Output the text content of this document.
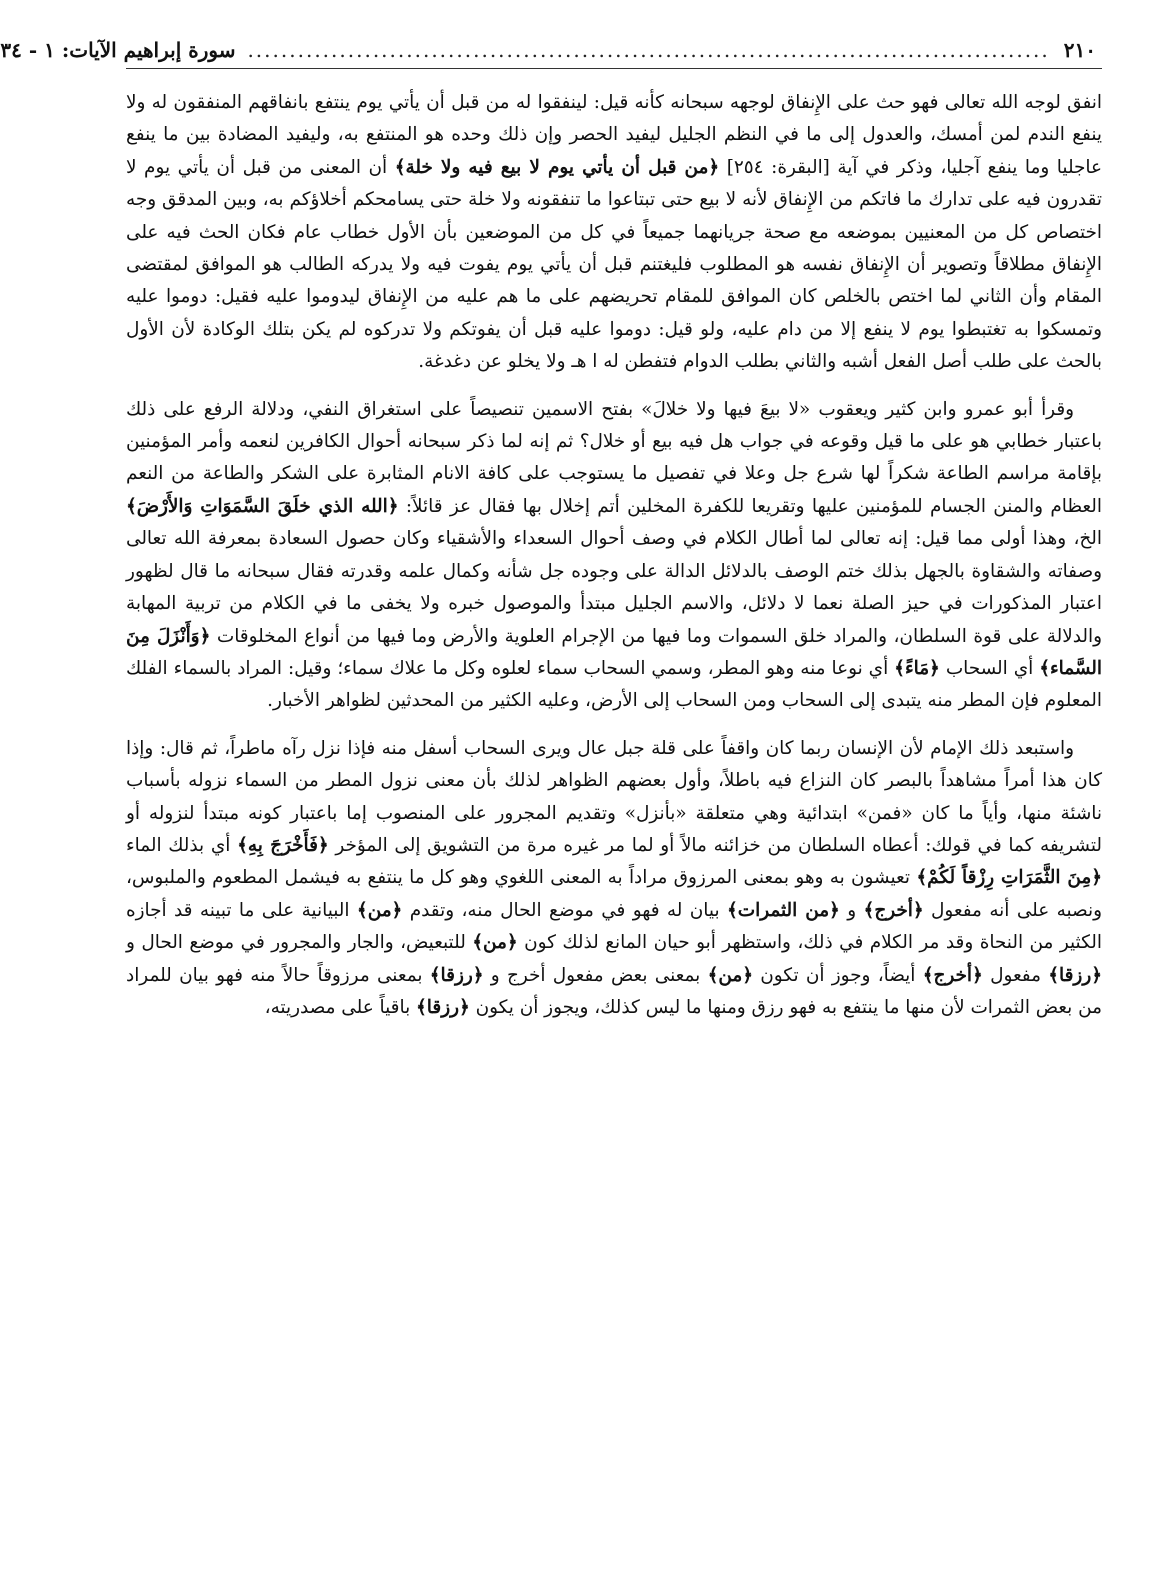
٢١٠
................................................................................................
سورة إبراهيم الآيات: ١ - ٣٤

انفق لوجه الله تعالى فهو حث على الإِنفاق لوجهه سبحانه كأنه قيل: لينفقوا له من قبل أن يأتي يوم ينتفع بانفاقهم المنفقون له ولا ينفع الندم لمن أمسك، والعدول إلى ما في النظم الجليل ليفيد الحصر وإن ذلك وحده هو المنتفع به، وليفيد المضادة بين ما ينفع عاجليا وما ينفع آجليا، وذكر في آية [البقرة: ٢٥٤] ﴿من قبل أن يأتي يوم لا بيع فيه ولا خلة﴾ أن المعنى من قبل أن يأتي يوم لا تقدرون فيه على تدارك ما فاتكم من الإِنفاق لأنه لا بيع حتى تبتاعوا ما تنفقونه ولا خلة حتى يسامحكم أخلاؤكم به، وبين المدقق وجه اختصاص كل من المعنيين بموضعه مع صحة جريانهما جميعاً في كل من الموضعين بأن الأول خطاب عام فكان الحث فيه على الإِنفاق مطلاقاً وتصوير أن الإِنفاق نفسه هو المطلوب فليغتنم قبل أن يأتي يوم يفوت فيه ولا يدركه الطالب هو الموافق لمقتضى المقام وأن الثاني لما اختص بالخلص كان الموافق للمقام تحريضهم على ما هم عليه من الإِنفاق ليدوموا عليه فقيل: دوموا عليه وتمسكوا به تغتبطوا يوم لا ينفع إلا من دام عليه، ولو قيل: دوموا عليه قبل أن يفوتكم ولا تدركوه لم يكن بتلك الوكادة لأن الأول بالحث على طلب أصل الفعل أشبه والثاني بطلب الدوام فتفطن له ا هـ ولا يخلو عن دغدغة.

وقرأ أبو عمرو وابن كثير ويعقوب «لا بيعَ فيها ولا خلالَ» بفتح الاسمين تنصيصاً على استغراق النفي، ودلالة الرفع على ذلك باعتبار خطابي هو على ما قيل وقوعه في جواب هل فيه بيع أو خلال؟ ثم إنه لما ذكر سبحانه أحوال الكافرين لنعمه وأمر المؤمنين بإقامة مراسم الطاعة شكراً لها شرع جل وعلا في تفصيل ما يستوجب على كافة الانام المثابرة على الشكر والطاعة من النعم العظام والمنن الجسام للمؤمنين عليها وتقريعا للكفرة المخلين أتم إخلال بها فقال عز قائلاً: ﴿الله الذي خلَقَ السَّمَوَاتِ وَالأَرْضَ﴾ الخ، وهذا أولى مما قيل: إنه تعالى لما أطال الكلام في وصف أحوال السعداء والأشقياء وكان حصول السعادة بمعرفة الله تعالى وصفاته والشقاوة بالجهل بذلك ختم الوصف بالدلائل الدالة على وجوده جل شأنه وكمال علمه وقدرته فقال سبحانه ما قال لظهور اعتبار المذكورات في حيز الصلة نعما لا دلائل، والاسم الجليل مبتدأ والموصول خبره ولا يخفى ما في الكلام من تربية المهابة والدلالة على قوة السلطان، والمراد خلق السموات وما فيها من الإجرام العلوية والأرض وما فيها من أنواع المخلوقات ﴿وَأَنْزَلَ مِنَ السَّماء﴾ أي السحاب ﴿مَاءً﴾ أي نوعا منه وهو المطر، وسمي السحاب سماء لعلوه وكل ما علاك سماء؛ وقيل: المراد بالسماء الفلك المعلوم فإن المطر منه يتبدى إلى السحاب ومن السحاب إلى الأرض، وعليه الكثير من المحدثين لظواهر الأخبار.

واستبعد ذلك الإمام لأن الإنسان ربما كان واقفاً على قلة جبل عال ويرى السحاب أسفل منه فإذا نزل رآه ماطراً، ثم قال: وإذا كان هذا أمراً مشاهداً بالبصر كان النزاع فيه باطلاً، وأول بعضهم الظواهر لذلك بأن معنى نزول المطر من السماء نزوله بأسباب ناشئة منها، وأياً ما كان «فمن» ابتدائية وهي متعلقة «بأنزل» وتقديم المجرور على المنصوب إما باعتبار كونه مبتدأ لنزوله أو لتشريفه كما في قولك: أعطاه السلطان من خزائنه مالاً أو لما مر غيره مرة من التشويق إلى المؤخر ﴿فَأَخْرَجَ بِهِ﴾ أي بذلك الماء ﴿مِنَ الثَّمَرَاتِ رِزْقاً لَكُمْ﴾ تعيشون به وهو بمعنى المرزوق مراداً به المعنى اللغوي وهو كل ما ينتفع به فيشمل المطعوم والملبوس، ونصبه على أنه مفعول ﴿أخرج﴾ و ﴿من الثمرات﴾ بيان له فهو في موضع الحال منه، وتقدم ﴿من﴾ البيانية على ما تبينه قد أجازه الكثير من النحاة وقد مر الكلام في ذلك، واستظهر أبو حيان المانع لذلك كون ﴿من﴾ للتبعيض، والجار والمجرور في موضع الحال و ﴿رزقا﴾ مفعول ﴿أخرج﴾ أيضاً، وجوز أن تكون ﴿من﴾ بمعنى بعض مفعول أخرج و ﴿رزقا﴾ بمعنى مرزوقاً حالاً منه فهو بيان للمراد من بعض الثمرات لأن منها ما ينتفع به فهو رزق ومنها ما ليس كذلك، ويجوز أن يكون ﴿رزقا﴾ باقياً على مصدريته،
